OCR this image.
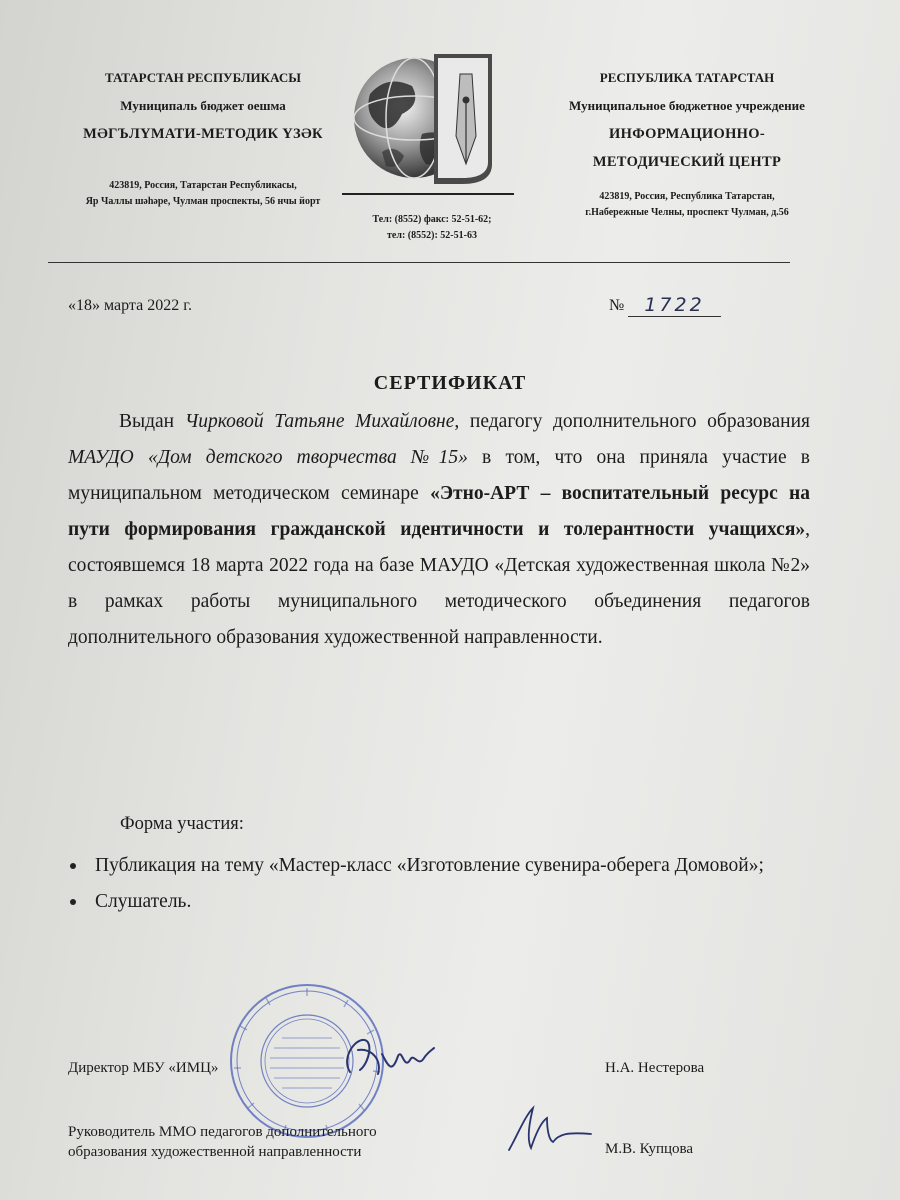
ТАТАРСТАН РЕСПУБЛИКАСЫ
Муниципаль бюджет оешма
МӘГЪЛҮМАТИ-МЕТОДИК ҮЗӘК
423819, Россия, Татарстан Республикасы,
Яр Чаллы шәһәре, Чулман проспекты, 56 нчы йорт
РЕСПУБЛИКА ТАТАРСТАН
Муниципальное бюджетное учреждение
ИНФОРМАЦИОННО-
МЕТОДИЧЕСКИЙ ЦЕНТР
423819, Россия, Республика Татарстан,
г.Набережные Челны, проспект Чулман, д.56
Тел: (8552) факс: 52-51-62;
тел: (8552): 52-51-63
«18» марта 2022 г.	№	1722
СЕРТИФИКАТ
Выдан Чирковой Татьяне Михайловне, педагогу дополнительного образования МАУДО «Дом детского творчества №15» в том, что она приняла участие в муниципальном методическом семинаре «Этно-АРТ – воспитательный ресурс на пути формирования гражданской идентичности и толерантности учащихся», состоявшемся 18 марта 2022 года на базе МАУДО «Детская художественная школа №2» в рамках работы муниципального методического объединения педагогов дополнительного образования художественной направленности.
Форма участия:
Публикация на тему «Мастер-класс «Изготовление сувенира-оберега Домовой»;
Слушатель.
Директор МБУ «ИМЦ»	Н.А. Нестерова
Руководитель ММО педагогов дополнительного
образования художественной направленности	М.В. Купцова
